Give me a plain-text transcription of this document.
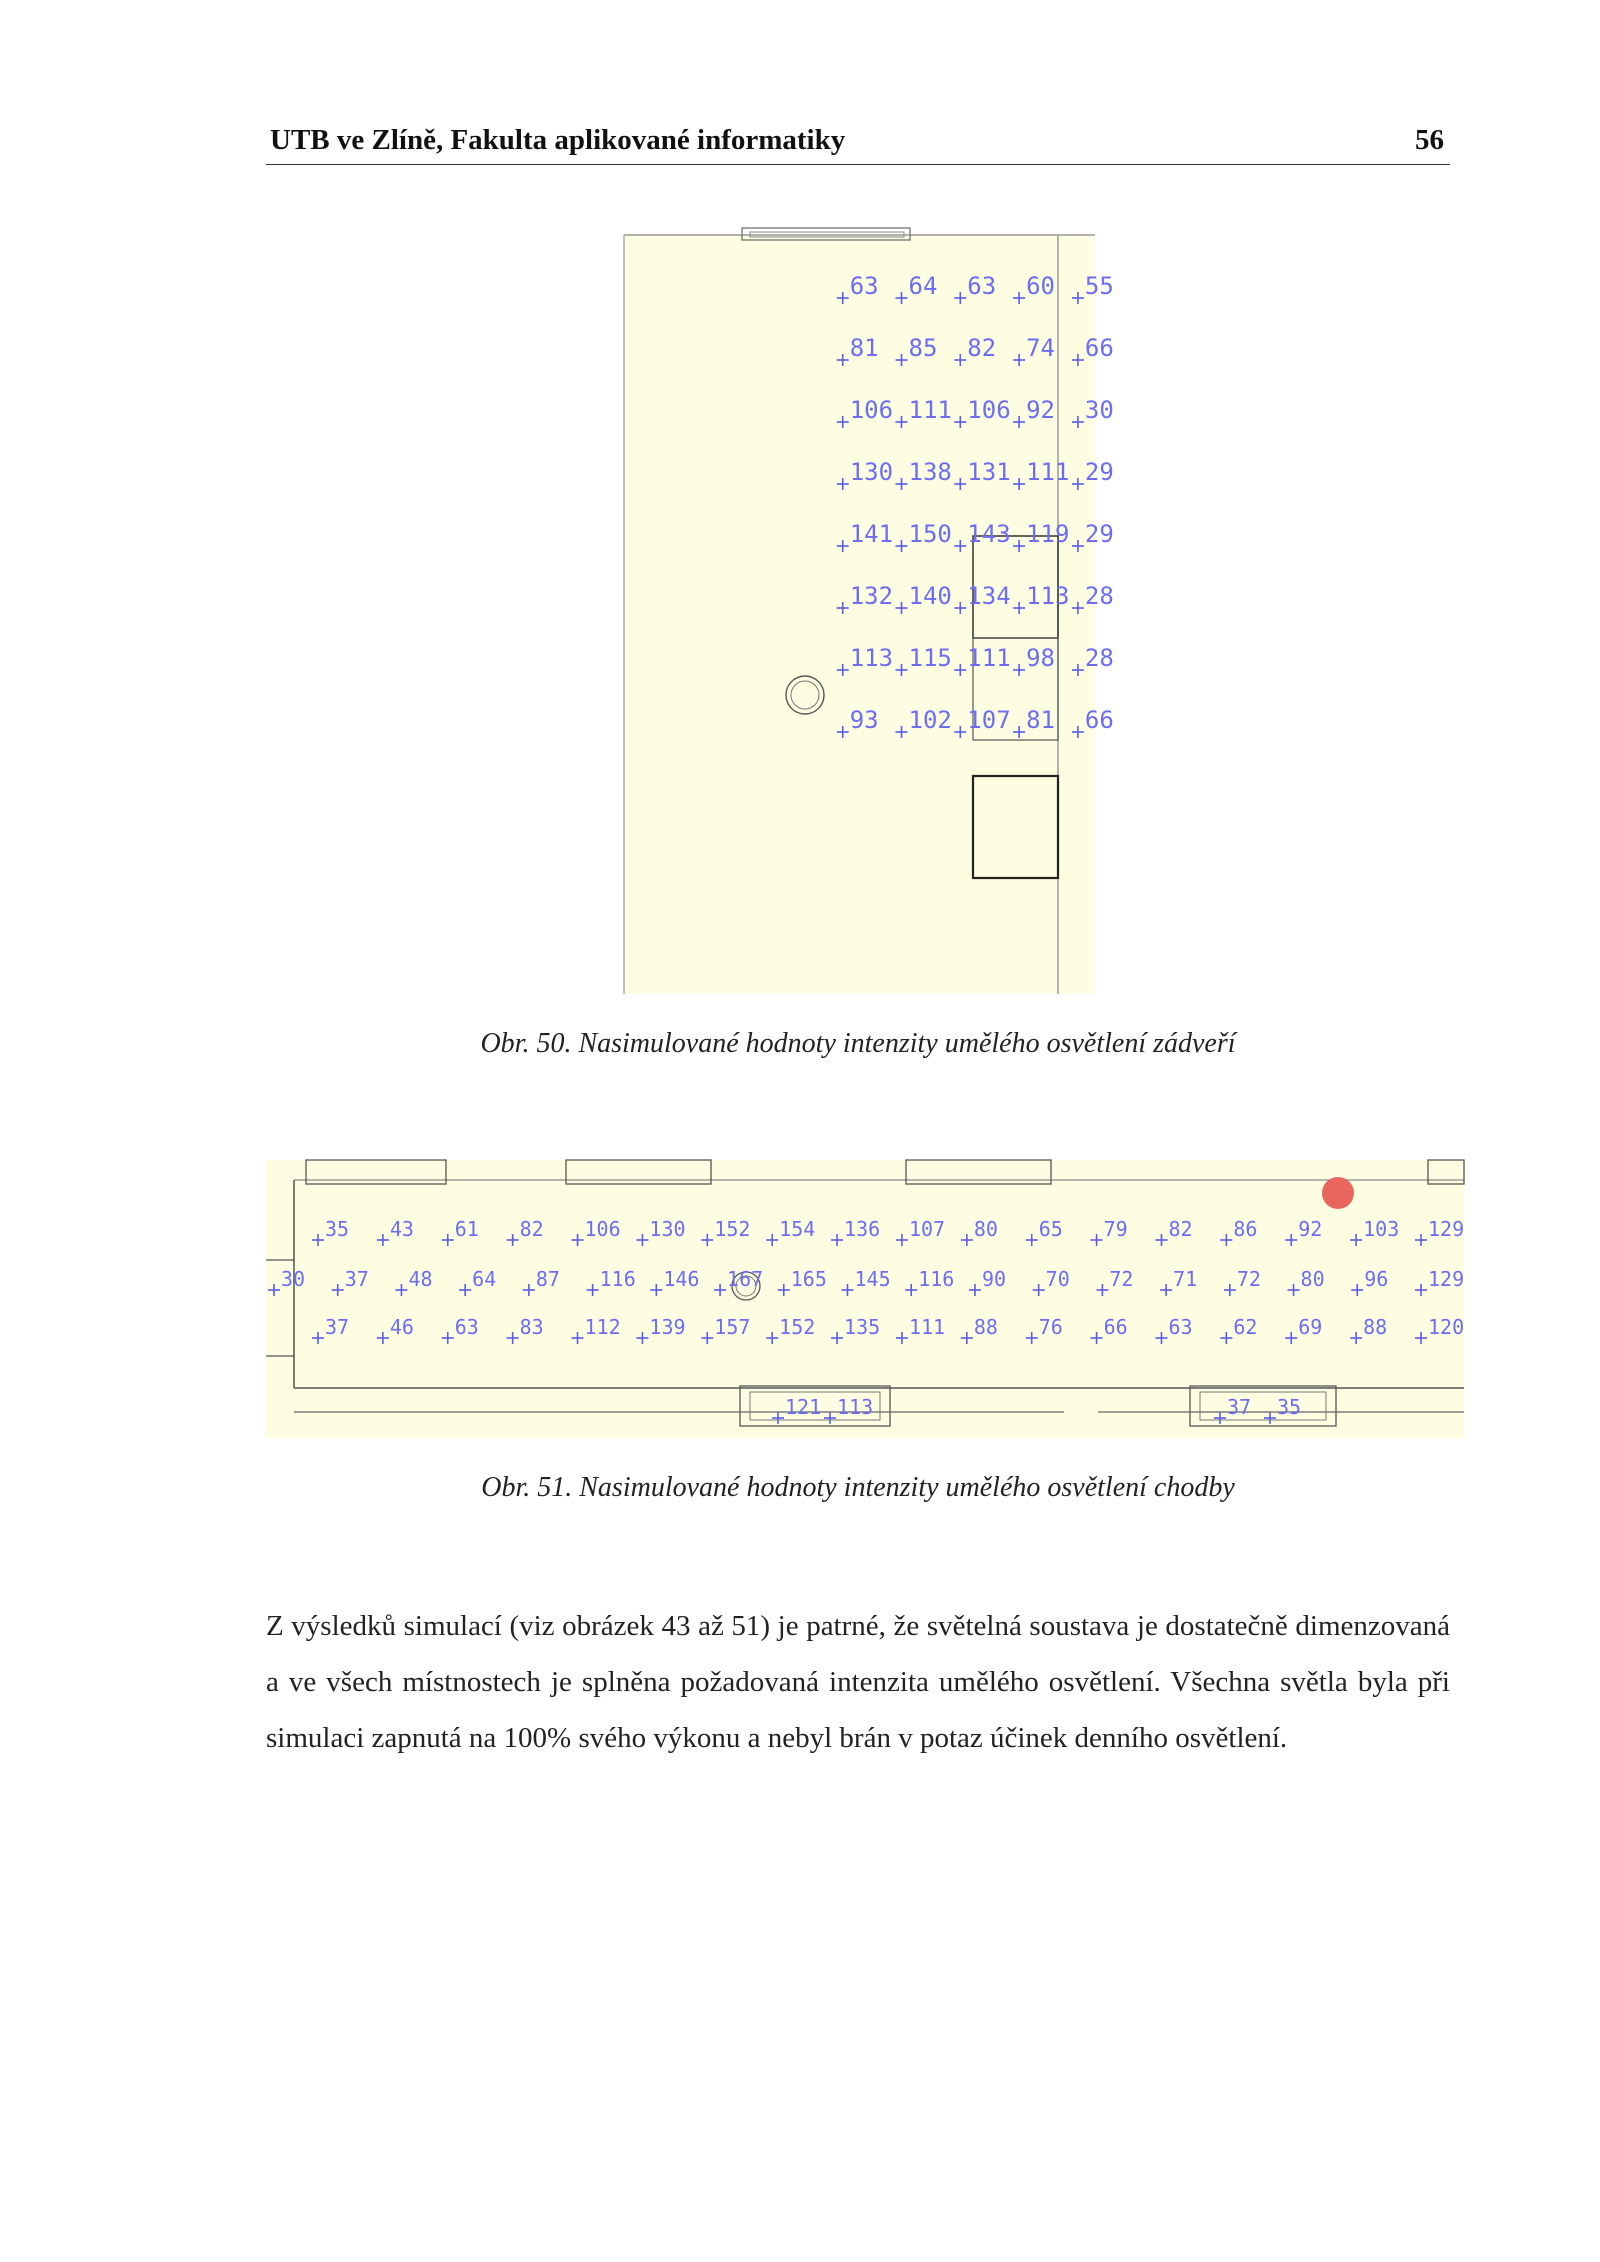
UTB ve Zlíně, Fakulta aplikované informatiky	56
63 64 63 60 55
81 85 82 74 66
106 111 106 92 30
130 138 131 111 29
141 150 143 119 29
132 140 134 113 28
113 115 111 98 28
93 102 107 81 66
Obr. 50. Nasimulované hodnoty intenzity umělého osvětlení zádveří
35 43 61 82 106 130 152 154 136 107 80 65 79 82 86 92 103 129
30 37 48 64 87 116 146 167 165 145 116 90 70 72 71 72 80 96 129
37 46 63 83 112 139 157 152 135 111 88 76 66 63 62 69 88 120
121 113	37 35
Obr. 51. Nasimulované hodnoty intenzity umělého osvětlení chodby

Z výsledků simulací (viz obrázek 43 až 51) je patrné, že světelná soustava je dostatečně dimenzovaná a ve všech místnostech je splněna požadovaná intenzita umělého osvětlení. Všechna světla byla při simulaci zapnutá na 100% svého výkonu a nebyl brán v potaz účinek denního osvětlení.
